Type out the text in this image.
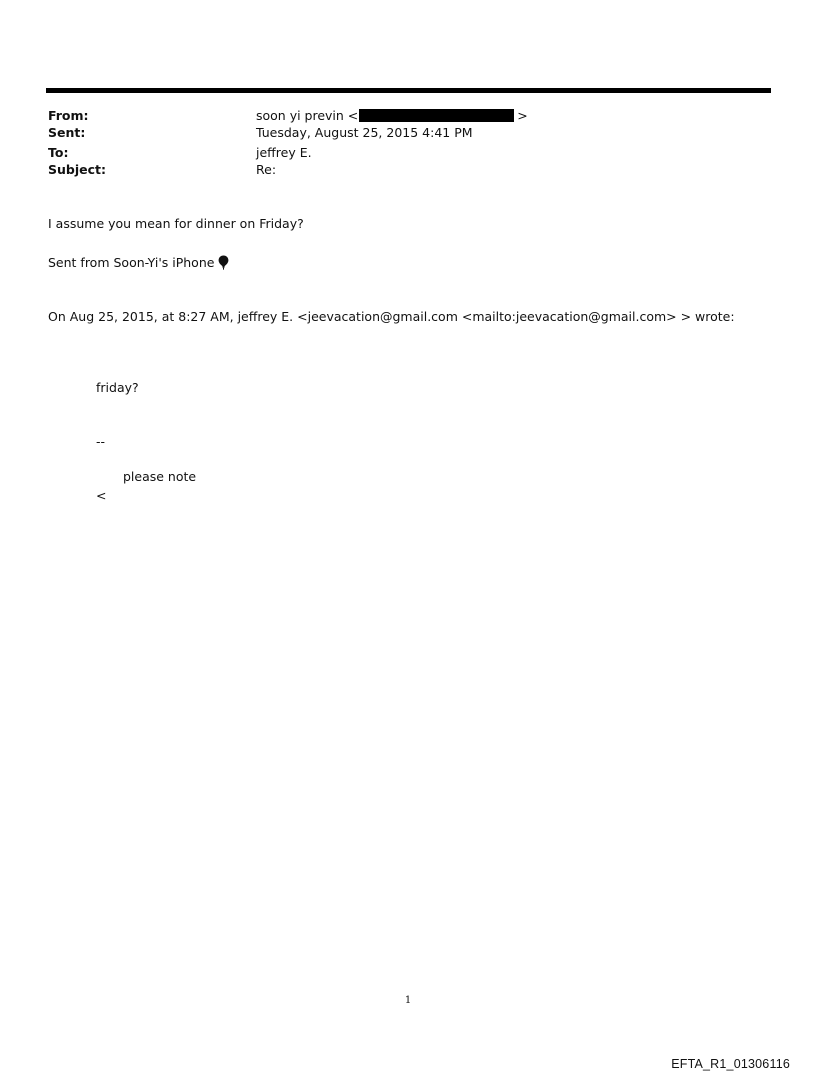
From:	soon yi previn <	>
Sent:	Tuesday, August 25, 2015 4:41 PM
To:	jeffrey E.
Subject:	Re:
I assume you mean for dinner on Friday?
Sent from Soon-Yi's iPhone
On Aug 25, 2015, at 8:27 AM, jeffrey E. <jeevacation@gmail.com <mailto:jeevacation@gmail.com> > wrote:
friday?
--
please note
<
1
EFTA_R1_01306116
